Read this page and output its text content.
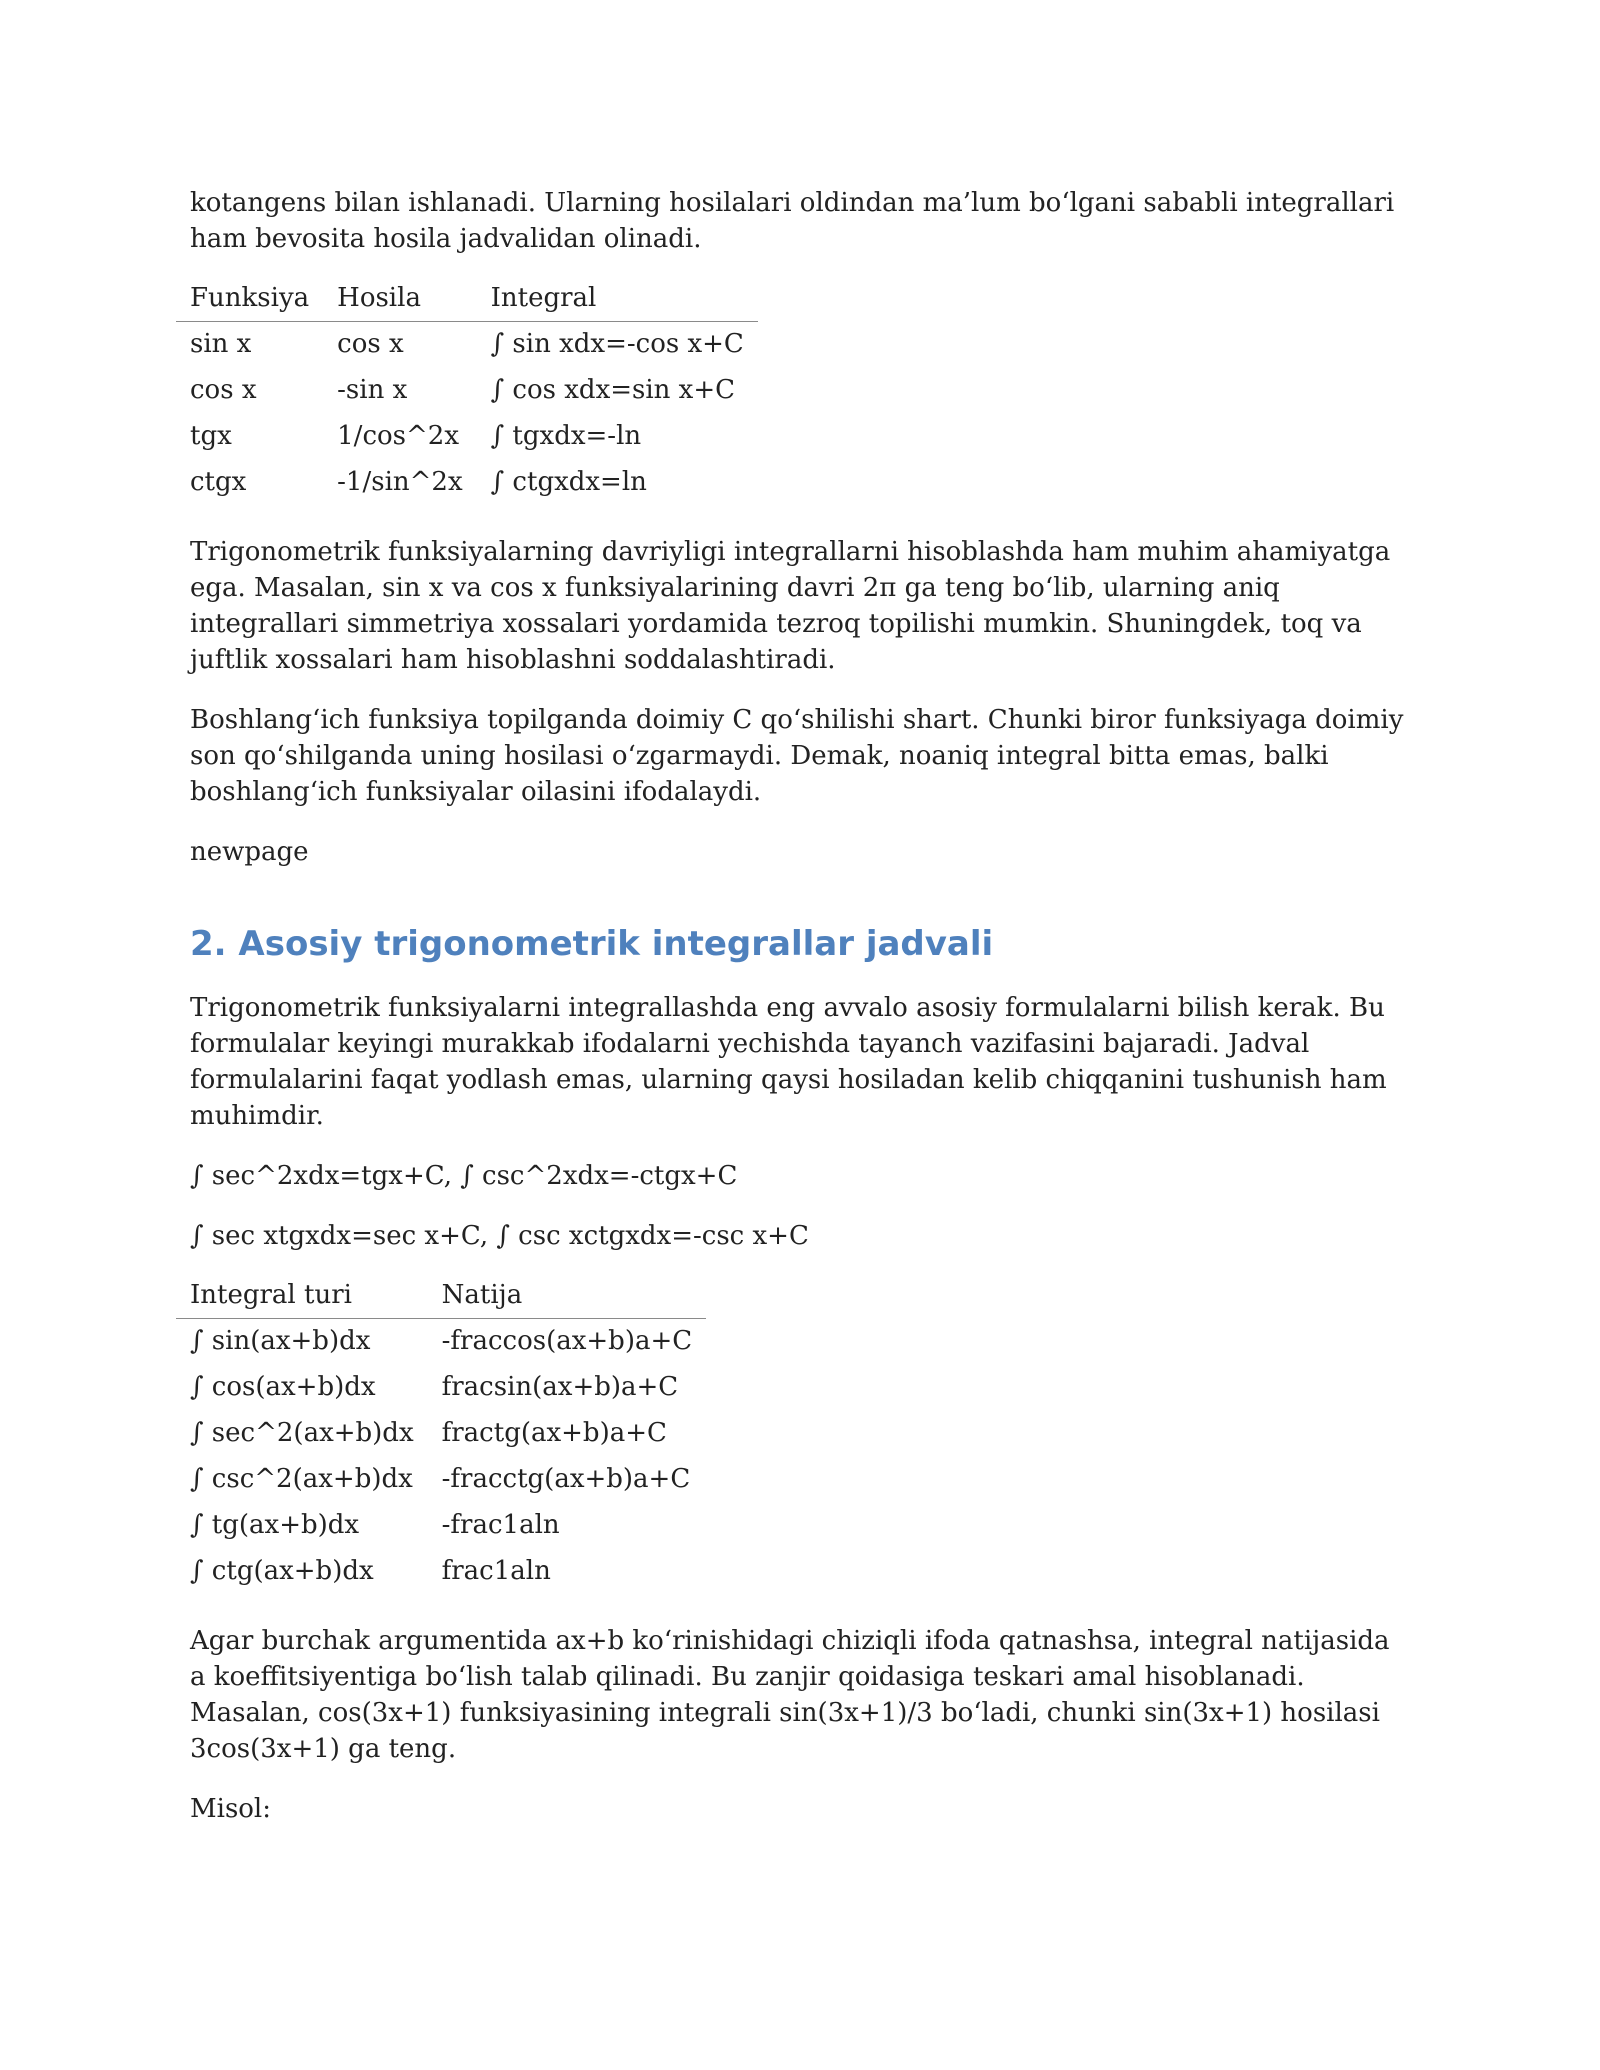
kotangens bilan ishlanadi. Ularning hosilalari oldindan ma’lum bo‘lgani sababli integrallari ham bevosita hosila jadvalidan olinadi.

Funksiya	Hosila	Integral
sin x	cos x	∫ sin xdx=-cos x+C
cos x	-sin x	∫ cos xdx=sin x+C
tgx	1/cos^2x	∫ tgxdx=-ln
ctgx	-1/sin^2x	∫ ctgxdx=ln

Trigonometrik funksiyalarning davriyligi integrallarni hisoblashda ham muhim ahamiyatga ega. Masalan, sin x va cos x funksiyalarining davri 2π ga teng bo‘lib, ularning aniq integrallari simmetriya xossalari yordamida tezroq topilishi mumkin. Shuningdek, toq va juftlik xossalari ham hisoblashni soddalashtiradi.

Boshlang‘ich funksiya topilganda doimiy C qo‘shilishi shart. Chunki biror funksiyaga doimiy son qo‘shilganda uning hosilasi o‘zgarmaydi. Demak, noaniq integral bitta emas, balki boshlang‘ich funksiyalar oilasini ifodalaydi.

newpage

2. Asosiy trigonometrik integrallar jadvali

Trigonometrik funksiyalarni integrallashda eng avvalo asosiy formulalarni bilish kerak. Bu formulalar keyingi murakkab ifodalarni yechishda tayanch vazifasini bajaradi. Jadval formulalarini faqat yodlash emas, ularning qaysi hosiladan kelib chiqqanini tushunish ham muhimdir.

∫ sec^2xdx=tgx+C, ∫ csc^2xdx=-ctgx+C

∫ sec xtgxdx=sec x+C, ∫ csc xctgxdx=-csc x+C

Integral turi	Natija
∫ sin(ax+b)dx	-fraccos(ax+b)a+C
∫ cos(ax+b)dx	fracsin(ax+b)a+C
∫ sec^2(ax+b)dx	fractg(ax+b)a+C
∫ csc^2(ax+b)dx	-fracctg(ax+b)a+C
∫ tg(ax+b)dx	-frac1aln
∫ ctg(ax+b)dx	frac1aln

Agar burchak argumentida ax+b ko‘rinishidagi chiziqli ifoda qatnashsa, integral natijasida a koeffitsiyentiga bo‘lish talab qilinadi. Bu zanjir qoidasiga teskari amal hisoblanadi. Masalan, cos(3x+1) funksiyasining integrali sin(3x+1)/3 bo‘ladi, chunki sin(3x+1) hosilasi 3cos(3x+1) ga teng.

Misol:
